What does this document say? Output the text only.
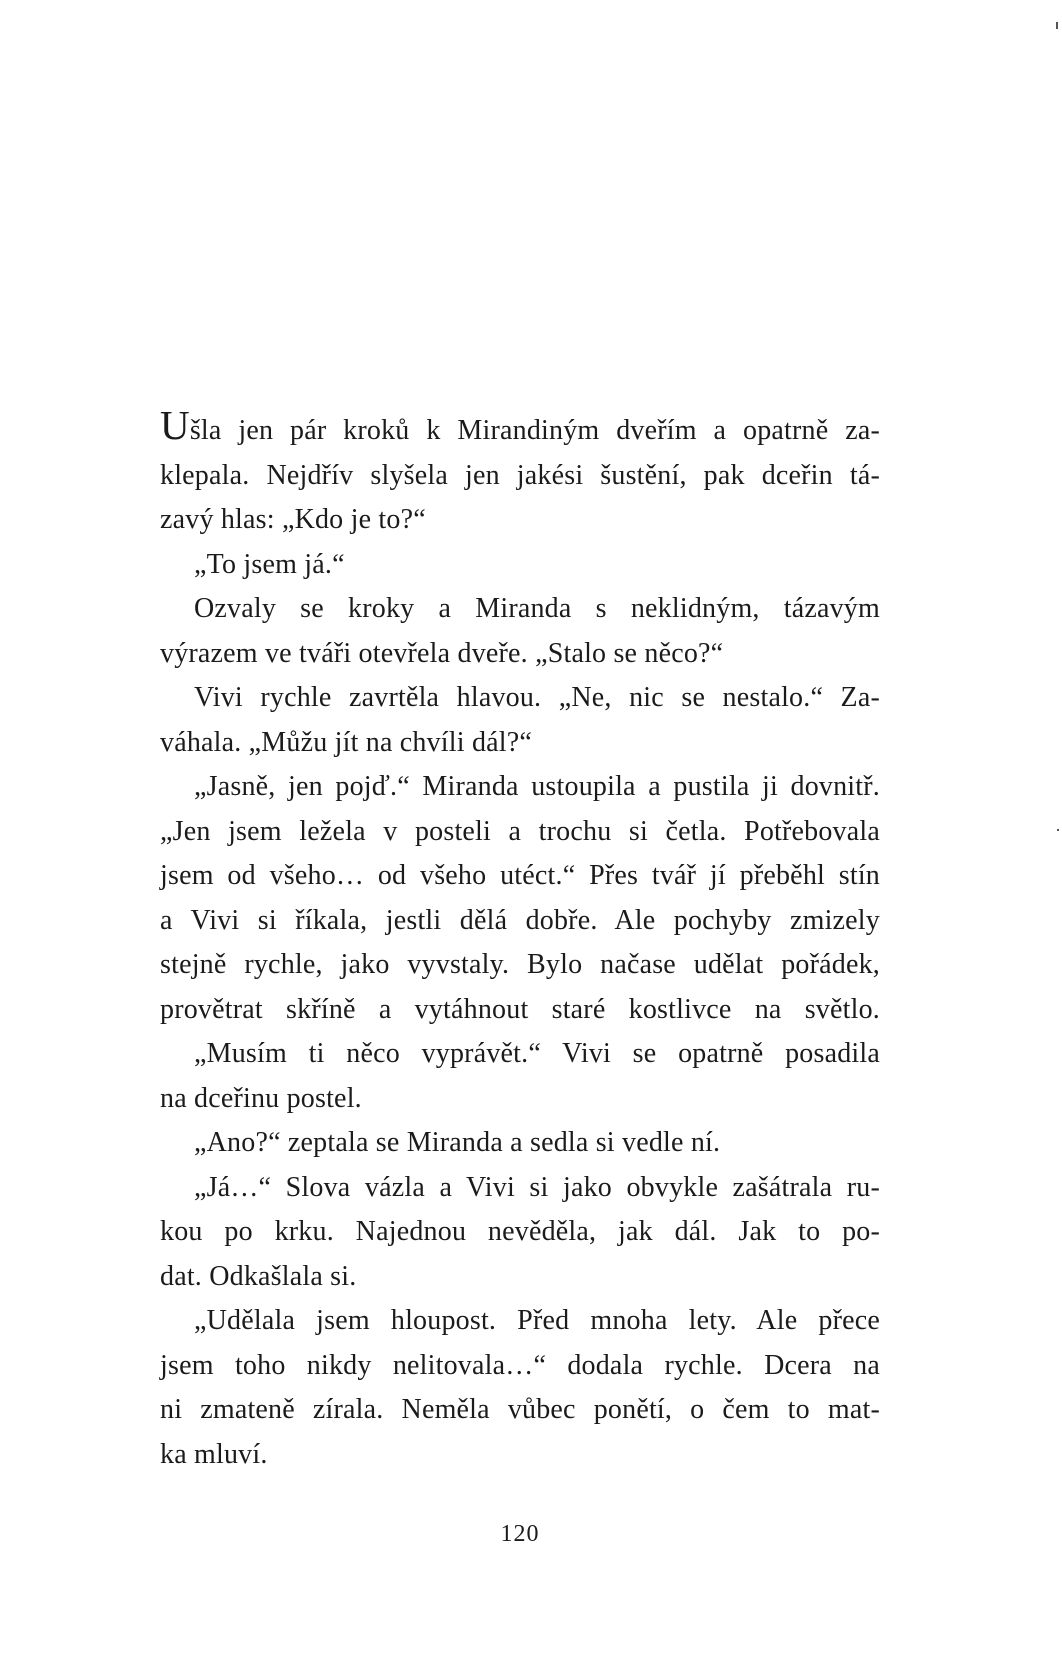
Ušla jen pár kroků k Mirandiným dveřím a opatrně za-
klepala. Nejdřív slyšela jen jakési šustění, pak dceřin tá-
zavý hlas: „Kdo je to?“
„To jsem já.“
Ozvaly se kroky a Miranda s neklidným, tázavým
výrazem ve tváři otevřela dveře. „Stalo se něco?“
Vivi rychle zavrtěla hlavou. „Ne, nic se nestalo.“ Za-
váhala. „Můžu jít na chvíli dál?“
„Jasně, jen pojď.“ Miranda ustoupila a pustila ji dovnitř.
„Jen jsem ležela v posteli a trochu si četla. Potřebovala
jsem od všeho… od všeho utéct.“ Přes tvář jí přeběhl stín
a Vivi si říkala, jestli dělá dobře. Ale pochyby zmizely
stejně rychle, jako vyvstaly. Bylo načase udělat pořádek,
provětrat skříně a vytáhnout staré kostlivce na světlo.
„Musím ti něco vyprávět.“ Vivi se opatrně posadila
na dceřinu postel.
„Ano?“ zeptala se Miranda a sedla si vedle ní.
„Já…“ Slova vázla a Vivi si jako obvykle zašátrala ru-
kou po krku. Najednou nevěděla, jak dál. Jak to po-
dat. Odkašlala si.
„Udělala jsem hloupost. Před mnoha lety. Ale přece
jsem toho nikdy nelitovala…“ dodala rychle. Dcera na
ni zmateně zírala. Neměla vůbec ponětí, o čem to mat-
ka mluví.
120
